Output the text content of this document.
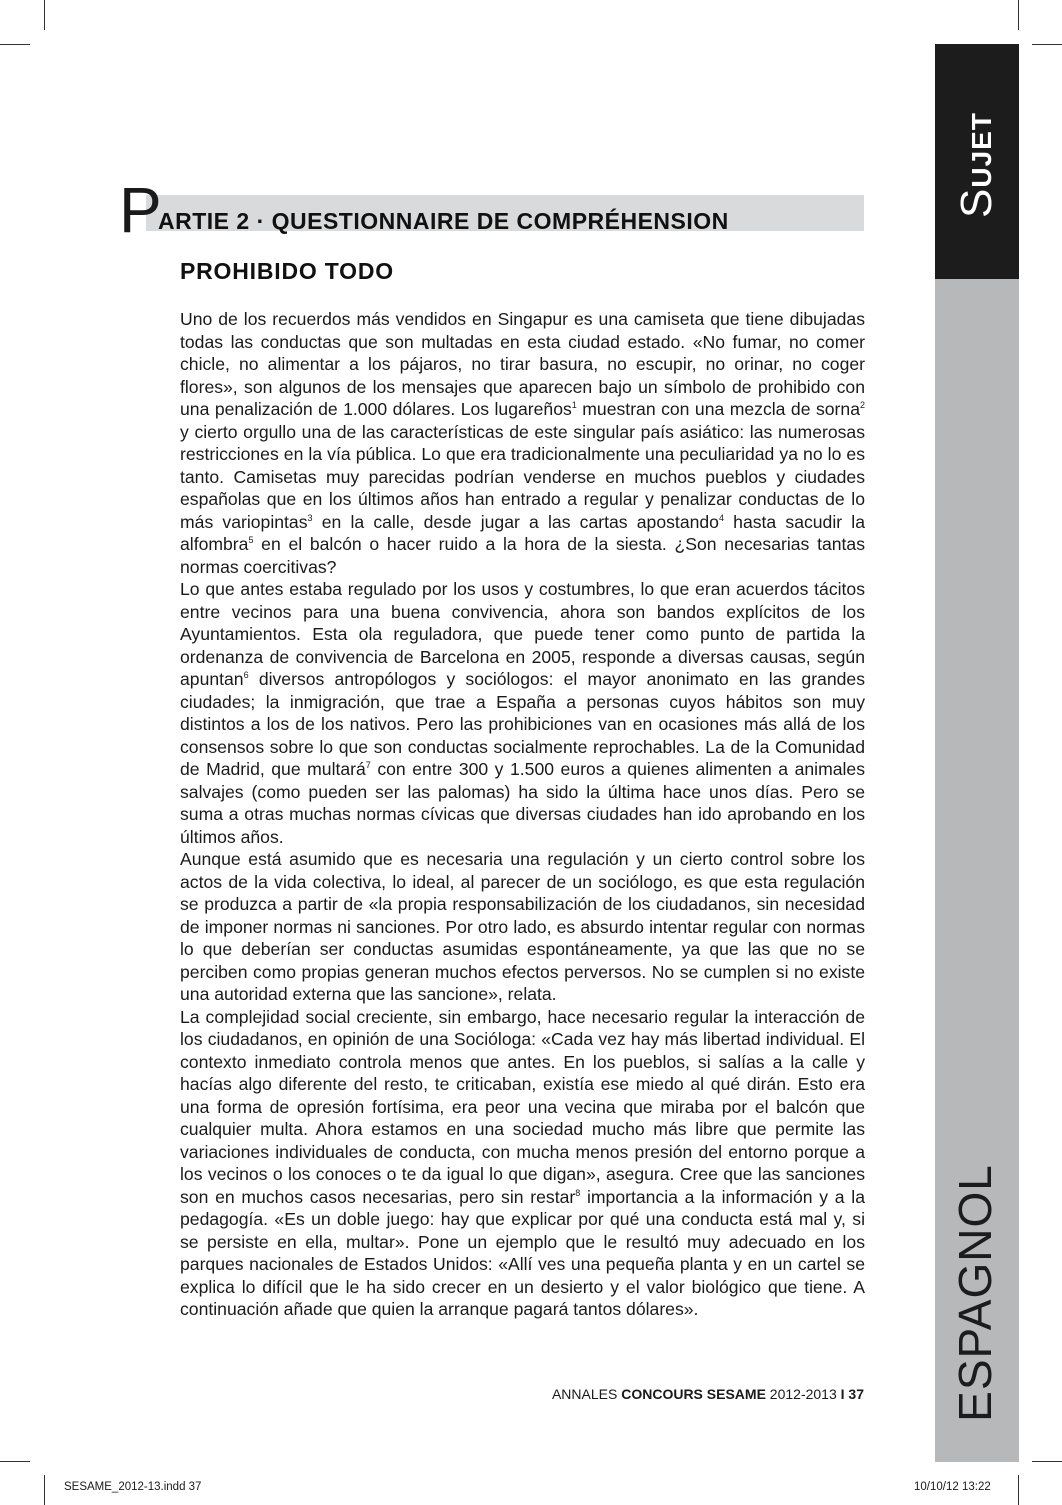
SUJET
ESPAGNOL
P
ARTIE 2 · QUESTIONNAIRE DE COMPRÉHENSION
PROHIBIDO TODO

Uno de los recuerdos más vendidos en Singapur es una camiseta que tiene dibujadas todas las conductas que son multadas en esta ciudad estado. «No fumar, no comer chicle, no alimentar a los pájaros, no tirar basura, no escupir, no orinar, no coger flores», son algunos de los mensajes que aparecen bajo un símbolo de prohibido con una penalización de 1.000 dólares. Los lugareños$^1$ muestran con una mezcla de sorna$^2$ y cierto orgullo una de las características de este singular país asiático: las numerosas restricciones en la vía pública. Lo que era tradicionalmente una peculiaridad ya no lo es tanto. Camisetas muy parecidas podrían venderse en muchos pueblos y ciudades españolas que en los últimos años han entrado a regular y penalizar conductas de lo más variopintas$^3$ en la calle, desde jugar a las cartas apostando$^4$ hasta sacudir la alfombra$^5$ en el balcón o hacer ruido a la hora de la siesta. ¿Son necesarias tantas normas coercitivas?

Lo que antes estaba regulado por los usos y costumbres, lo que eran acuerdos tácitos entre vecinos para una buena convivencia, ahora son bandos explícitos de los Ayuntamientos. Esta ola reguladora, que puede tener como punto de partida la ordenanza de convivencia de Barcelona en 2005, responde a diversas causas, según apuntan$^6$ diversos antropólogos y sociólogos: el mayor anonimato en las grandes ciudades; la inmigración, que trae a España a personas cuyos hábitos son muy distintos a los de los nativos. Pero las prohibiciones van en ocasiones más allá de los consensos sobre lo que son conductas socialmente reprochables. La de la Comunidad de Madrid, que multará$^7$ con entre 300 y 1.500 euros a quienes alimenten a animales salvajes (como pueden ser las palomas) ha sido la última hace unos días. Pero se suma a otras muchas normas cívicas que diversas ciudades han ido aprobando en los últimos años.

Aunque está asumido que es necesaria una regulación y un cierto control sobre los actos de la vida colectiva, lo ideal, al parecer de un sociólogo, es que esta regulación se produzca a partir de «la propia responsabilización de los ciudadanos, sin necesidad de imponer normas ni sanciones. Por otro lado, es absurdo intentar regular con normas lo que deberían ser conductas asumidas espontáneamente, ya que las que no se perciben como propias generan muchos efectos perversos. No se cumplen si no existe una autoridad externa que las sancione», relata.

La complejidad social creciente, sin embargo, hace necesario regular la interacción de los ciudadanos, en opinión de una Socióloga: «Cada vez hay más libertad individual. El contexto inmediato controla menos que antes. En los pueblos, si salías a la calle y hacías algo diferente del resto, te criticaban, existía ese miedo al qué dirán. Esto era una forma de opresión fortísima, era peor una vecina que miraba por el balcón que cualquier multa. Ahora estamos en una sociedad mucho más libre que permite las variaciones individuales de conducta, con mucha menos presión del entorno porque a los vecinos o los conoces o te da igual lo que digan», asegura. Cree que las sanciones son en muchos casos necesarias, pero sin restar$^8$ importancia a la información y a la pedagogía. «Es un doble juego: hay que explicar por qué una conducta está mal y, si se persiste en ella, multar». Pone un ejemplo que le resultó muy adecuado en los parques nacionales de Estados Unidos: «Allí ves una pequeña planta y en un cartel se explica lo difícil que le ha sido crecer en un desierto y el valor biológico que tiene. A continuación añade que quien la arranque pagará tantos dólares».

ANNALES CONCOURS SESAME 2012-2013 I 37
SESAME_2012-13.indd 37	10/10/12 13:22
